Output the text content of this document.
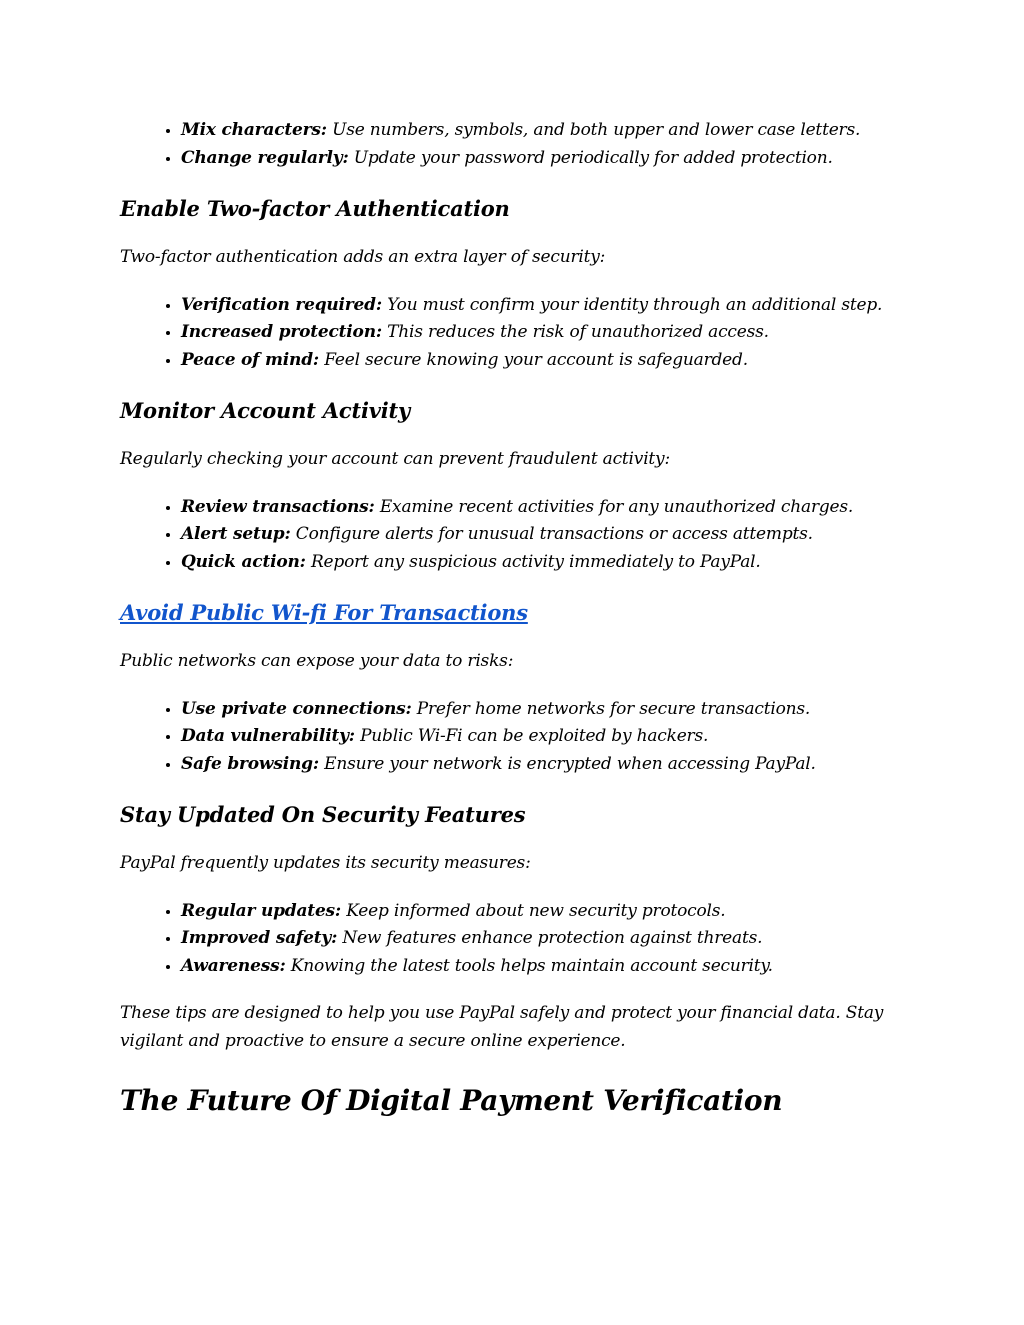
• Mix characters: Use numbers, symbols, and both upper and lower case letters.
• Change regularly: Update your password periodically for added protection.
Enable Two-factor Authentication

Two-factor authentication adds an extra layer of security:

• Verification required: You must confirm your identity through an additional step.
• Increased protection: This reduces the risk of unauthorized access.
• Peace of mind: Feel secure knowing your account is safeguarded.
Monitor Account Activity

Regularly checking your account can prevent fraudulent activity:

• Review transactions: Examine recent activities for any unauthorized charges.
• Alert setup: Configure alerts for unusual transactions or access attempts.
• Quick action: Report any suspicious activity immediately to PayPal.
Avoid Public Wi-fi For Transactions

Public networks can expose your data to risks:

• Use private connections: Prefer home networks for secure transactions.
• Data vulnerability: Public Wi-Fi can be exploited by hackers.
• Safe browsing: Ensure your network is encrypted when accessing PayPal.
Stay Updated On Security Features

PayPal frequently updates its security measures:

• Regular updates: Keep informed about new security protocols.
• Improved safety: New features enhance protection against threats.
• Awareness: Knowing the latest tools helps maintain account security.

These tips are designed to help you use PayPal safely and protect your financial data. Stay
vigilant and proactive to ensure a secure online experience.

The Future Of Digital Payment Verification
